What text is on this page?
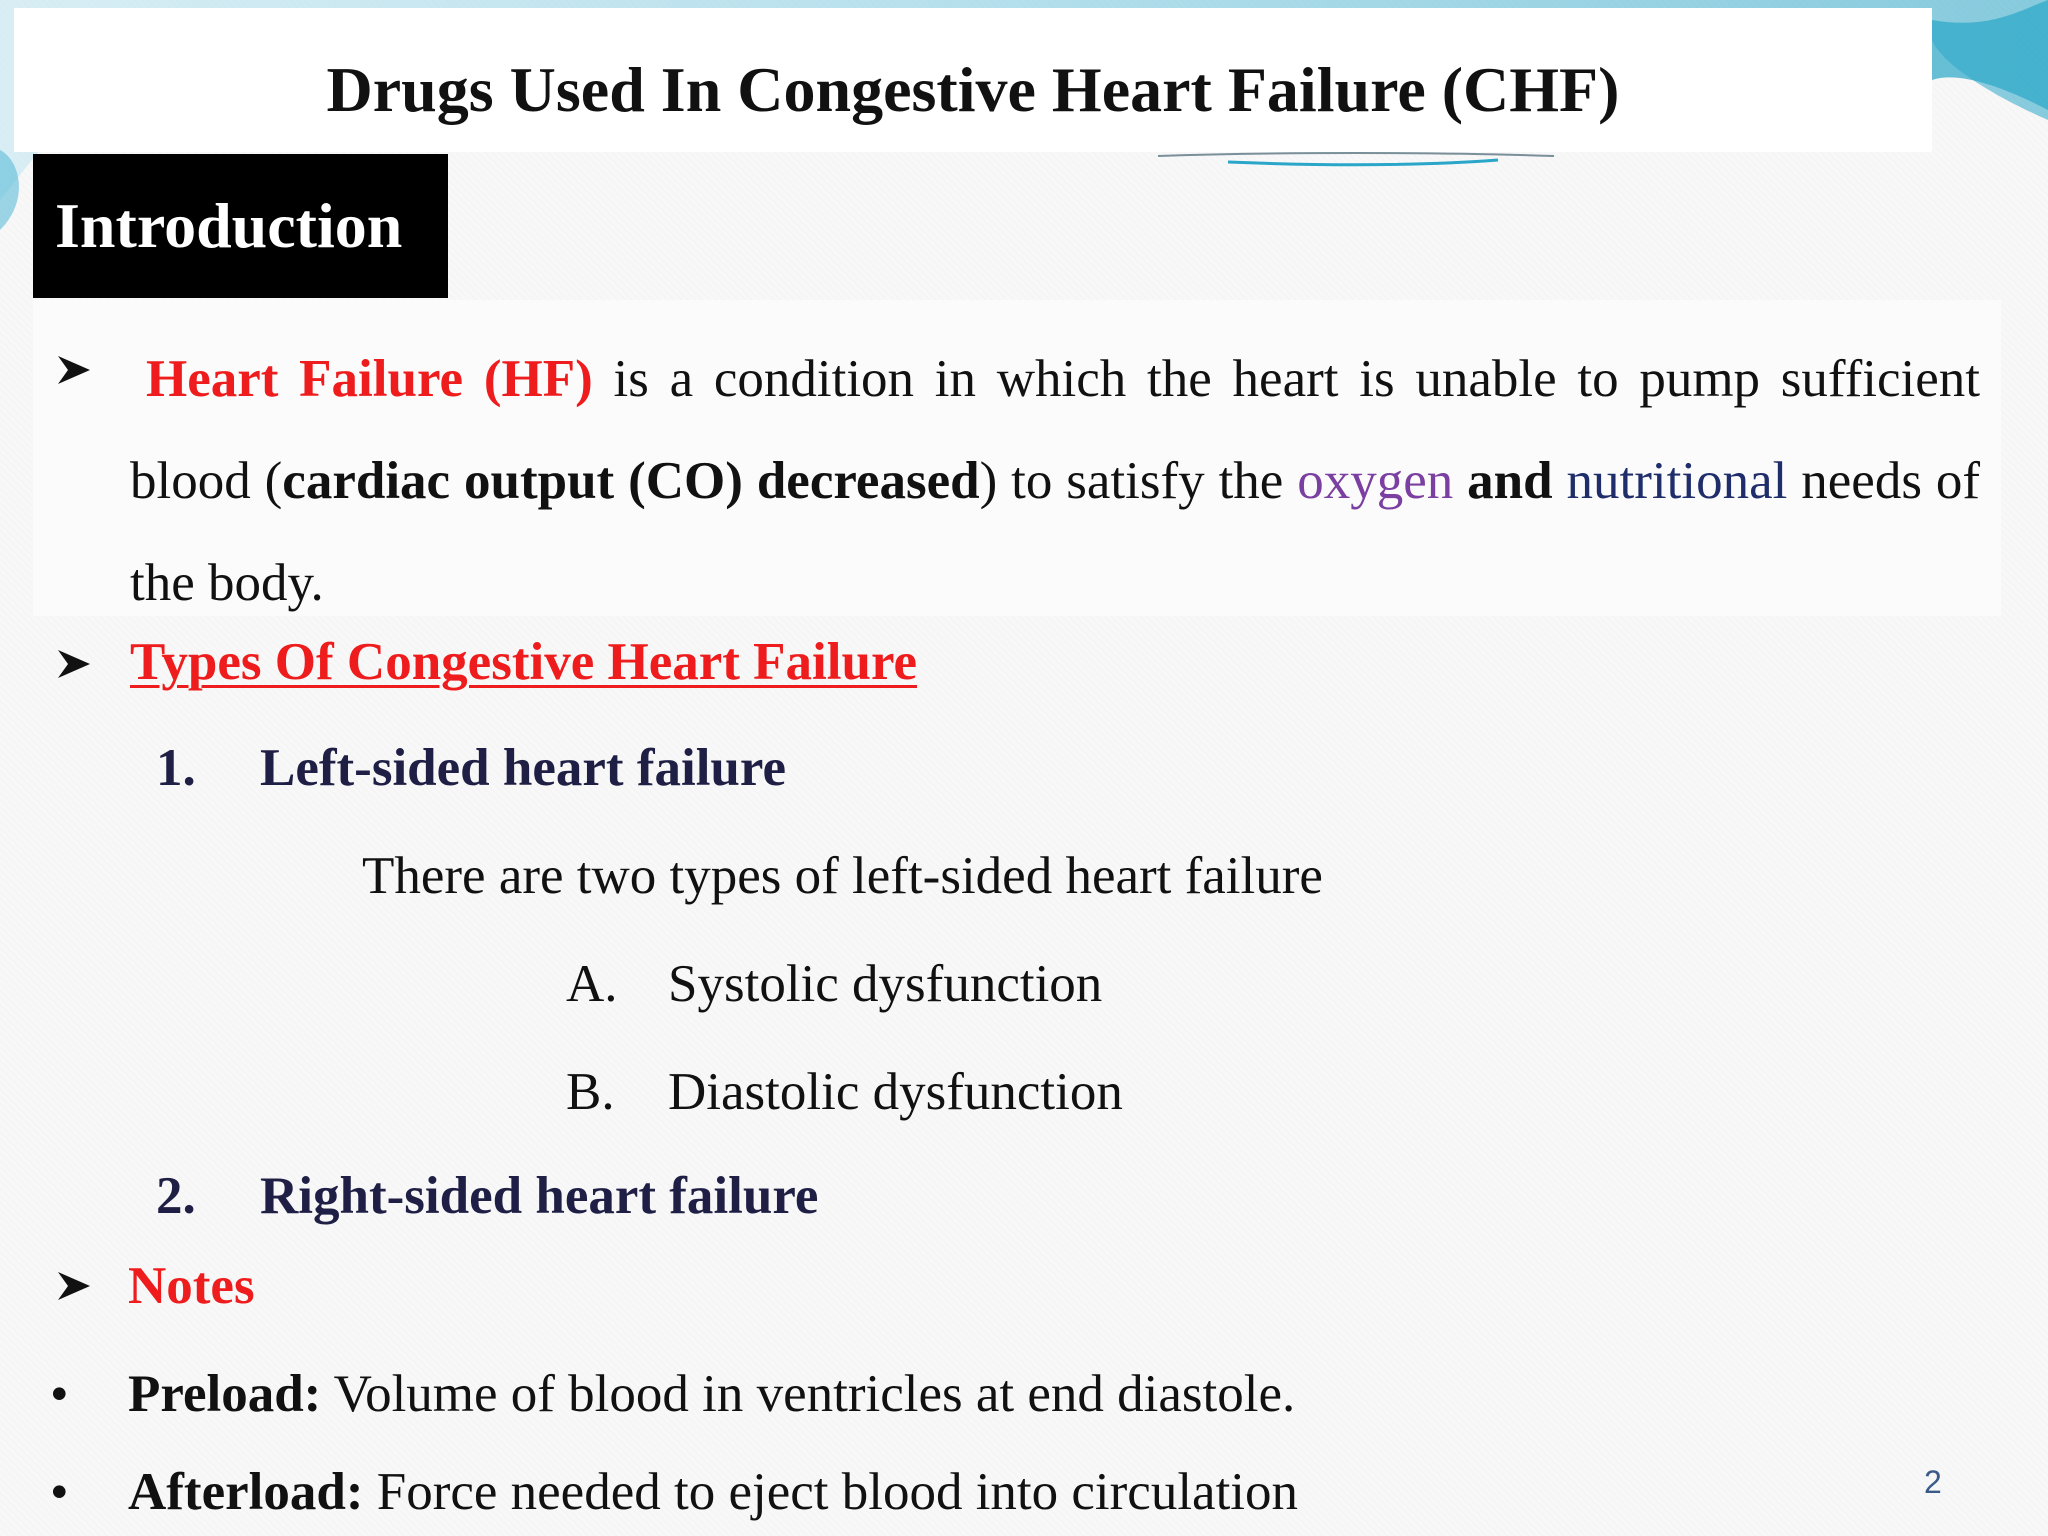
Drugs Used In Congestive Heart Failure (CHF)
Introduction
Heart Failure (HF) is a condition in which the heart is unable to pump sufficient blood (cardiac output (CO) decreased) to satisfy the oxygen and nutritional needs of the body.
Types Of Congestive Heart Failure
1. Left-sided heart failure
There are two types of left-sided heart failure
A. Systolic dysfunction
B. Diastolic dysfunction
2. Right-sided heart failure
Notes
• Preload: Volume of blood in ventricles at end diastole.
• Afterload: Force needed to eject blood into circulation	2
